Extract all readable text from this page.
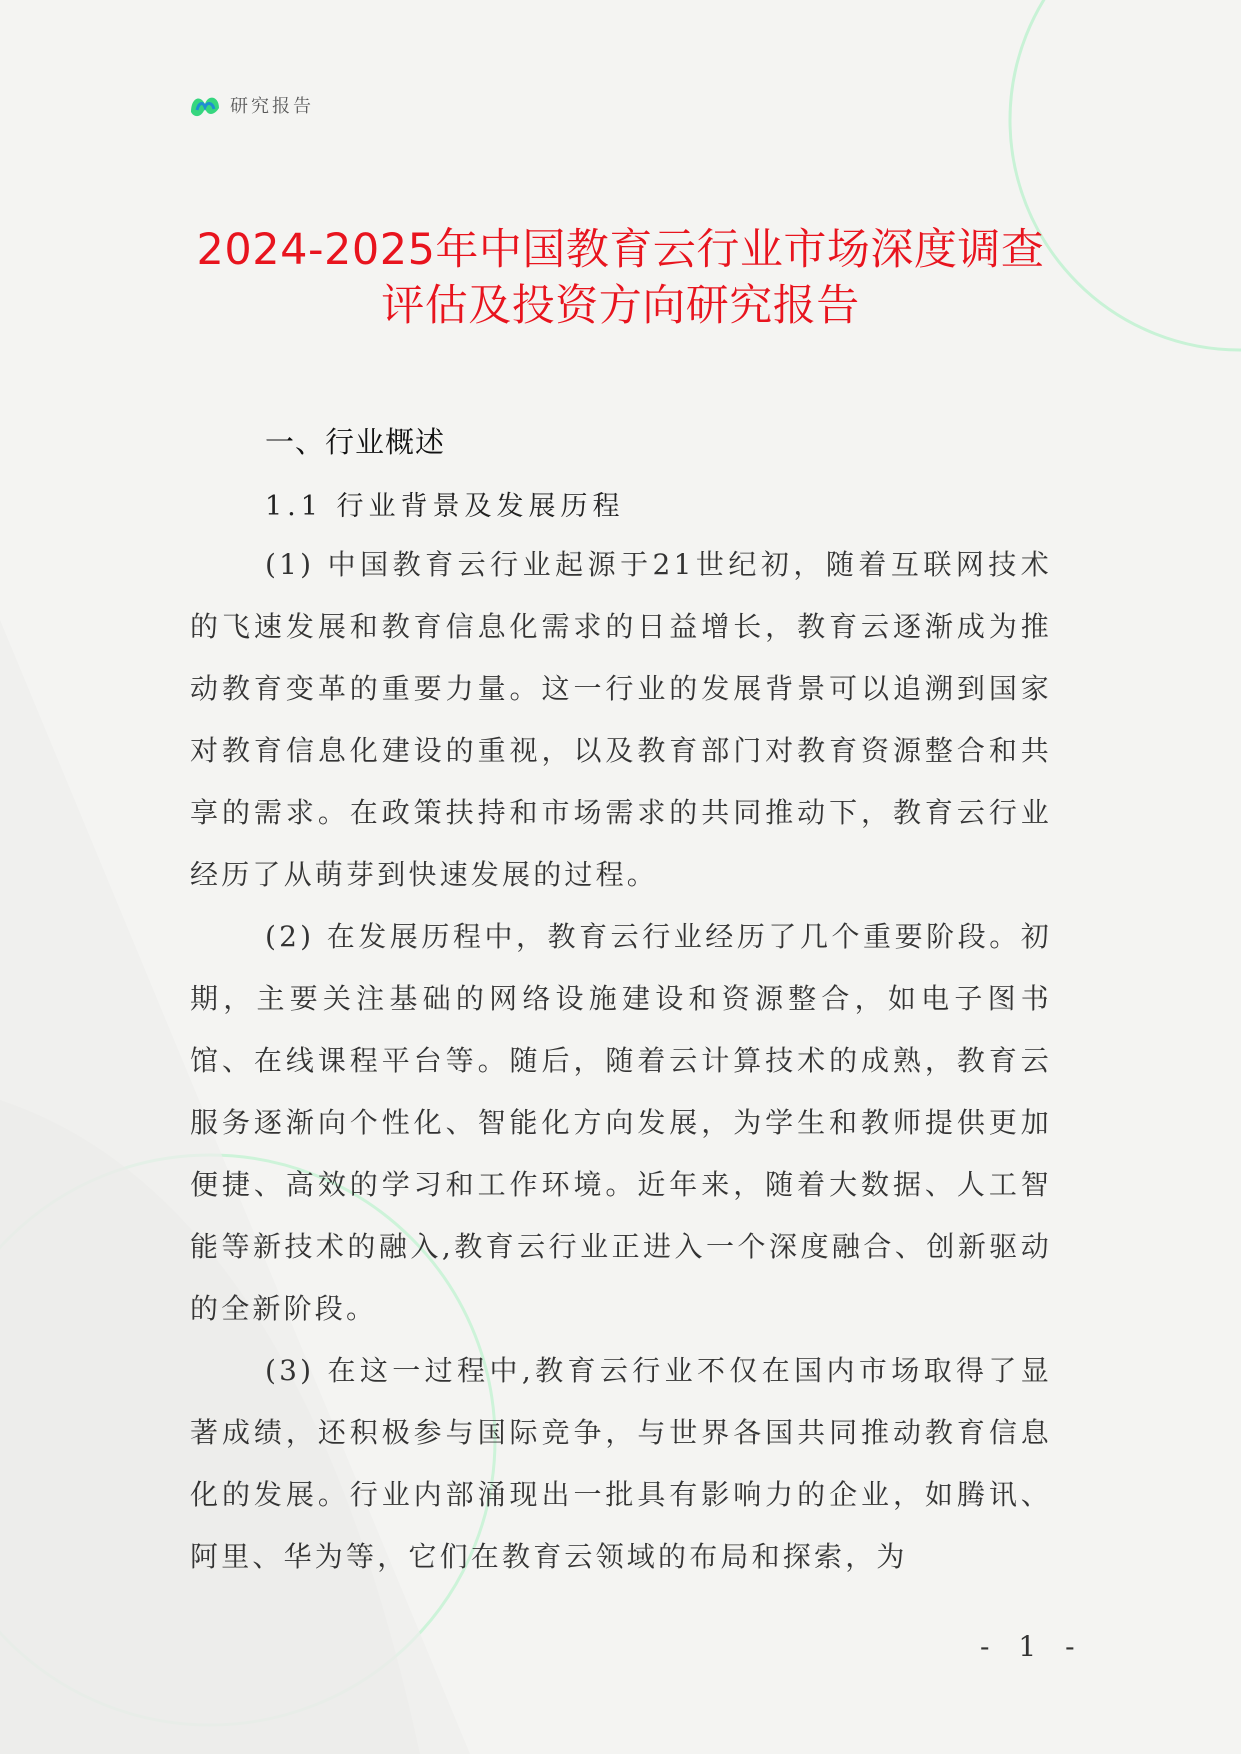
研究报告
2024-2025年中国教育云行业市场深度调查
评估及投资方向研究报告
一、行业概述
1.1 行业背景及发展历程

(1) 中国教育云行业起源于21世纪初，随着互联网技术的飞速发展和教育信息化需求的日益增长，教育云逐渐成为推动教育变革的重要力量。这一行业的发展背景可以追溯到国家对教育信息化建设的重视，以及教育部门对教育资源整合和共享的需求。在政策扶持和市场需求的共同推动下，教育云行业经历了从萌芽到快速发展的过程。

(2) 在发展历程中，教育云行业经历了几个重要阶段。初期，主要关注基础的网络设施建设和资源整合，如电子图书馆、在线课程平台等。随后，随着云计算技术的成熟，教育云服务逐渐向个性化、智能化方向发展，为学生和教师提供更加便捷、高效的学习和工作环境。近年来，随着大数据、人工智能等新技术的融入,教育云行业正进入一个深度融合、创新驱动的全新阶段。

(3) 在这一过程中,教育云行业不仅在国内市场取得了显著成绩，还积极参与国际竞争，与世界各国共同推动教育信息化的发展。行业内部涌现出一批具有影响力的企业，如腾讯、阿里、华为等，它们在教育云领域的布局和探索，为

- 1 -
